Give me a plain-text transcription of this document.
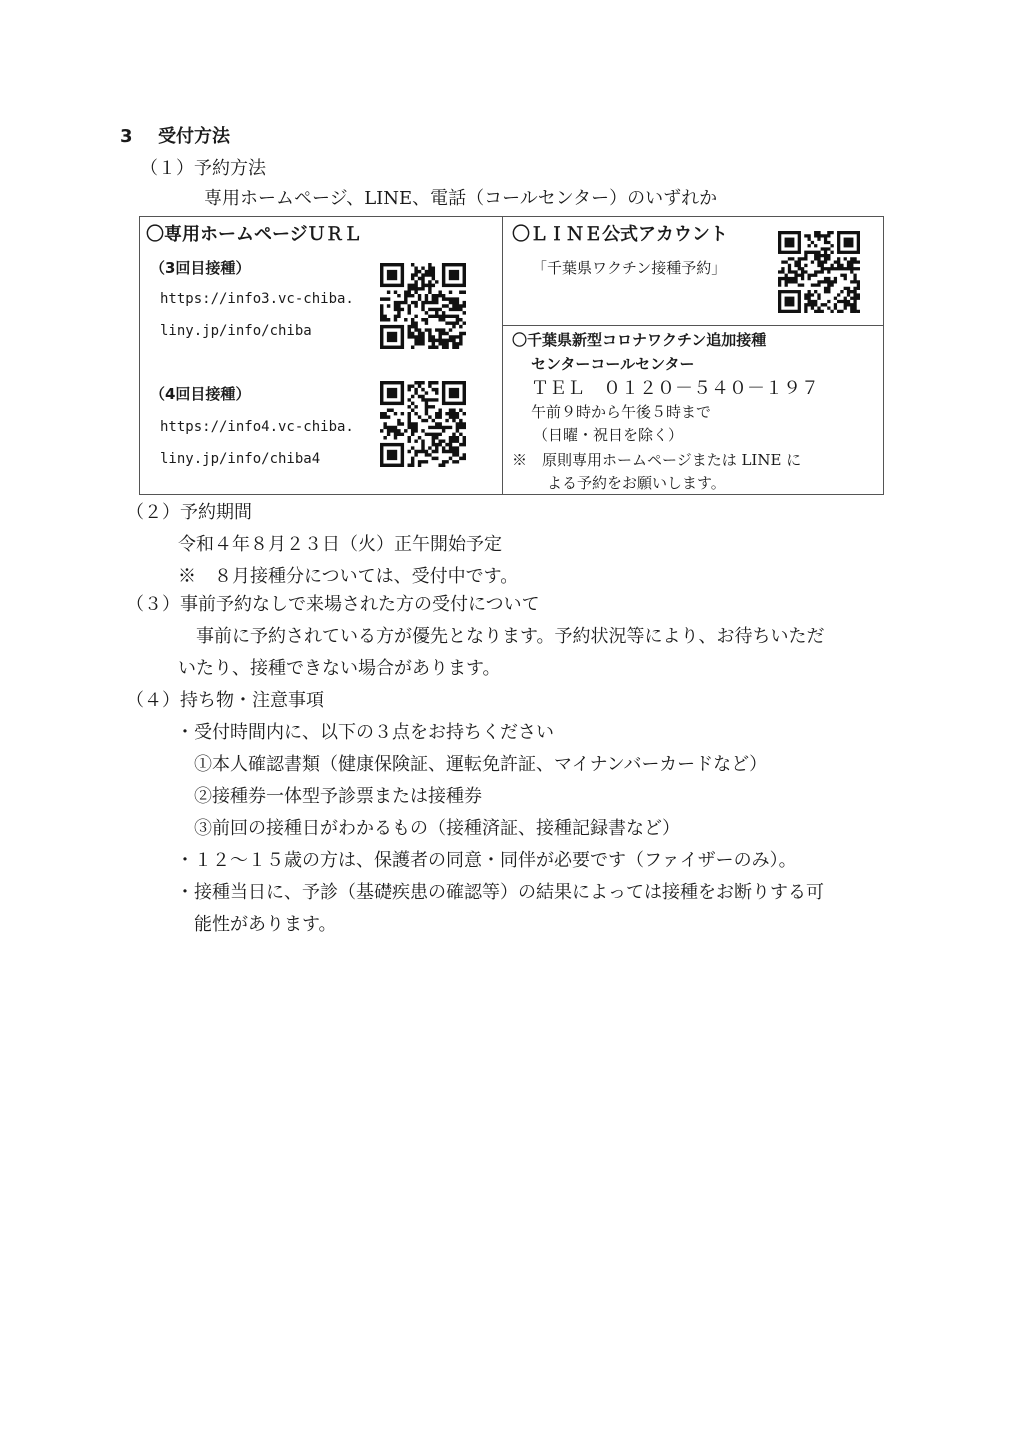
3 受付方法
（１）予約方法
専用ホームページ、LINE、電話（コールセンター）のいずれか
〇専用ホームページＵＲＬ
（3回目接種）
https://info3.vc-chiba.
liny.jp/info/chiba
（4回目接種）
https://info4.vc-chiba.
liny.jp/info/chiba4
〇ＬＩＮＥ公式アカウント
「千葉県ワクチン接種予約」
〇千葉県新型コロナワクチン追加接種
センターコールセンター
ＴＥＬ　０１２０－５４０－１９７
午前９時から午後５時まで
（日曜・祝日を除く）
※　原則専用ホームページまたは LINE に
よる予約をお願いします。
（２）予約期間
令和４年８月２３日（火）正午開始予定
※　８月接種分については、受付中です。
（３）事前予約なしで来場された方の受付について
事前に予約されている方が優先となります。予約状況等により、お待ちいただ
いたり、接種できない場合があります。
（４）持ち物・注意事項
・受付時間内に、以下の３点をお持ちください
①本人確認書類（健康保険証、運転免許証、マイナンバーカードなど）
②接種券一体型予診票または接種券
③前回の接種日がわかるもの（接種済証、接種記録書など）
・１２～１５歳の方は、保護者の同意・同伴が必要です（ファイザーのみ）。
・接種当日に、予診（基礎疾患の確認等）の結果によっては接種をお断りする可
能性があります。
